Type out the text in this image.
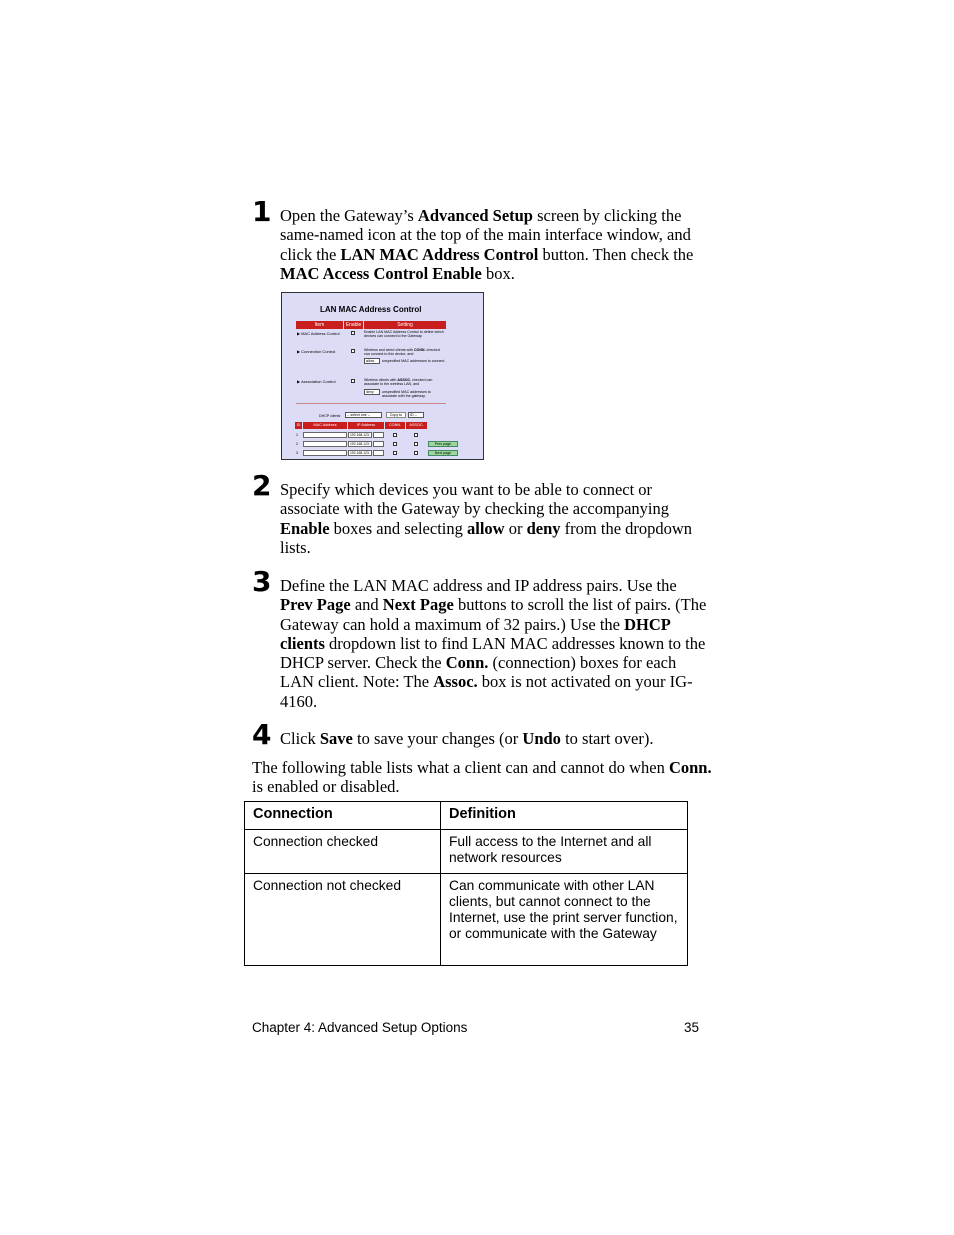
1 Open the Gateway’s Advanced Setup screen by clicking the same-named icon at the top of the main interface window, and click the LAN MAC Address Control button. Then check the MAC Access Control Enable box.
LAN MAC Address Control
Item	Enable	Setting
▶ MAC Address Control	Enable LAN MAC Address Control to define which devices can connect to the Gateway.
▶ Connection Control	Wireless and wired clients with CONN. checked can connect to this device, and
allow	unspecified MAC addresses to connect.
▶ Association Control	Wireless clients with ASSOC. checked can associate to the wireless LAN, and
deny	unspecified MAC addresses to associate with the gateway.
DHCP clients	-- select one --	Copy to	ID --
ID	MAC Address	IP Address	CONN.	ASSOC.
1	192.168.123.
2	192.168.123.
3	192.168.123.
Prev page
Next page
2 Specify which devices you want to be able to connect or associate with the Gateway by checking the accompanying Enable boxes and selecting allow or deny from the dropdown lists.
3 Define the LAN MAC address and IP address pairs. Use the Prev Page and Next Page buttons to scroll the list of pairs. (The Gateway can hold a maximum of 32 pairs.) Use the DHCP clients dropdown list to find LAN MAC addresses known to the DHCP server. Check the Conn. (connection) boxes for each LAN client. Note: The Assoc. box is not activated on your IG-4160.
4 Click Save to save your changes (or Undo to start over).
The following table lists what a client can and cannot do when Conn. is enabled or disabled.
Connection	Definition
Connection checked	Full access to the Internet and all network resources
Connection not checked	Can communicate with other LAN clients, but cannot connect to the Internet, use the print server function, or communicate with the Gateway
Chapter 4: Advanced Setup Options	35
